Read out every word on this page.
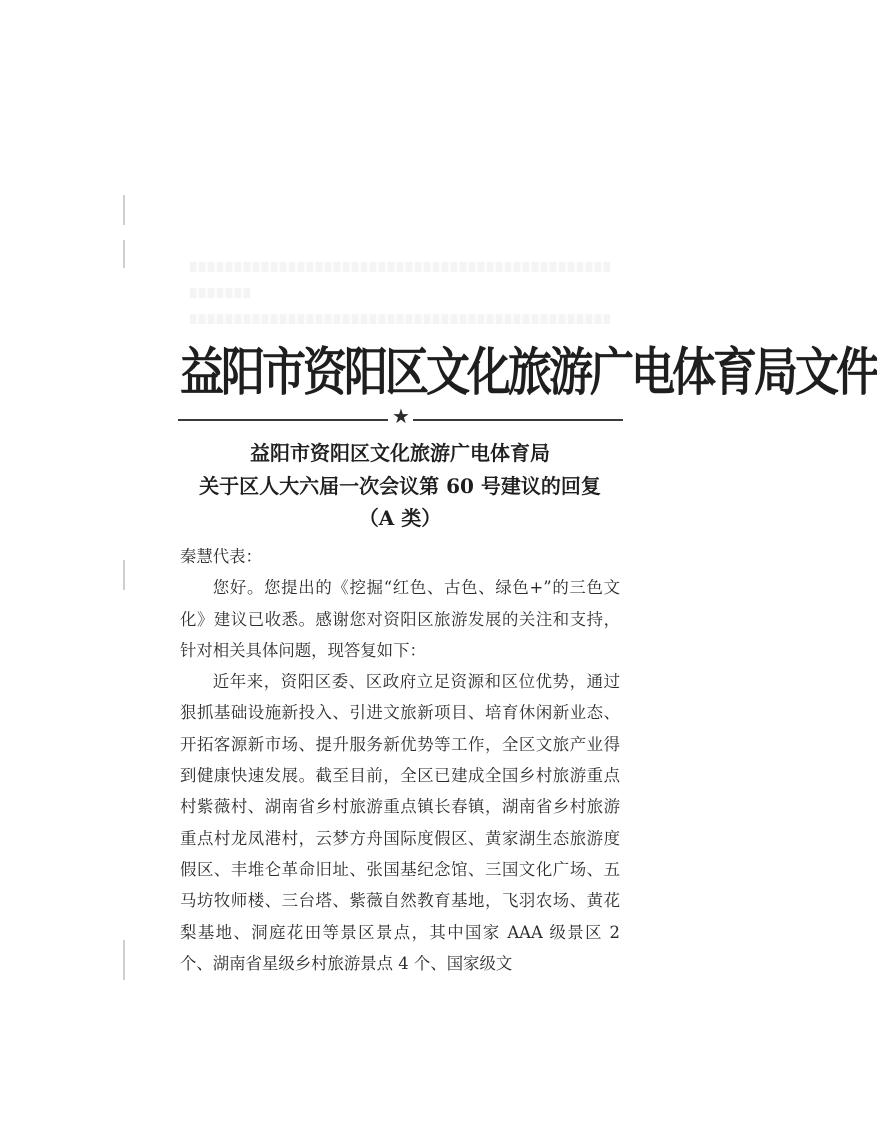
益阳市资阳区文化旅游广电体育局文件
★
益阳市资阳区文化旅游广电体育局
关于区人大六届一次会议第 60 号建议的回复
（A 类）

秦慧代表：

您好。您提出的《挖掘“红色、古色、绿色+”的三色文化》建议已收悉。感谢您对资阳区旅游发展的关注和支持，针对相关具体问题，现答复如下：

近年来，资阳区委、区政府立足资源和区位优势，通过狠抓基础设施新投入、引进文旅新项目、培育休闲新业态、开拓客源新市场、提升服务新优势等工作，全区文旅产业得到健康快速发展。截至目前，全区已建成全国乡村旅游重点村紫薇村、湖南省乡村旅游重点镇长春镇，湖南省乡村旅游重点村龙凤港村，云梦方舟国际度假区、黄家湖生态旅游度假区、丰堆仑革命旧址、张国基纪念馆、三国文化广场、五马坊牧师楼、三台塔、紫薇自然教育基地，飞羽农场、黄花梨基地、洞庭花田等景区景点，其中国家 AAA 级景区 2 个、湖南省星级乡村旅游景点 4 个、国家级文
